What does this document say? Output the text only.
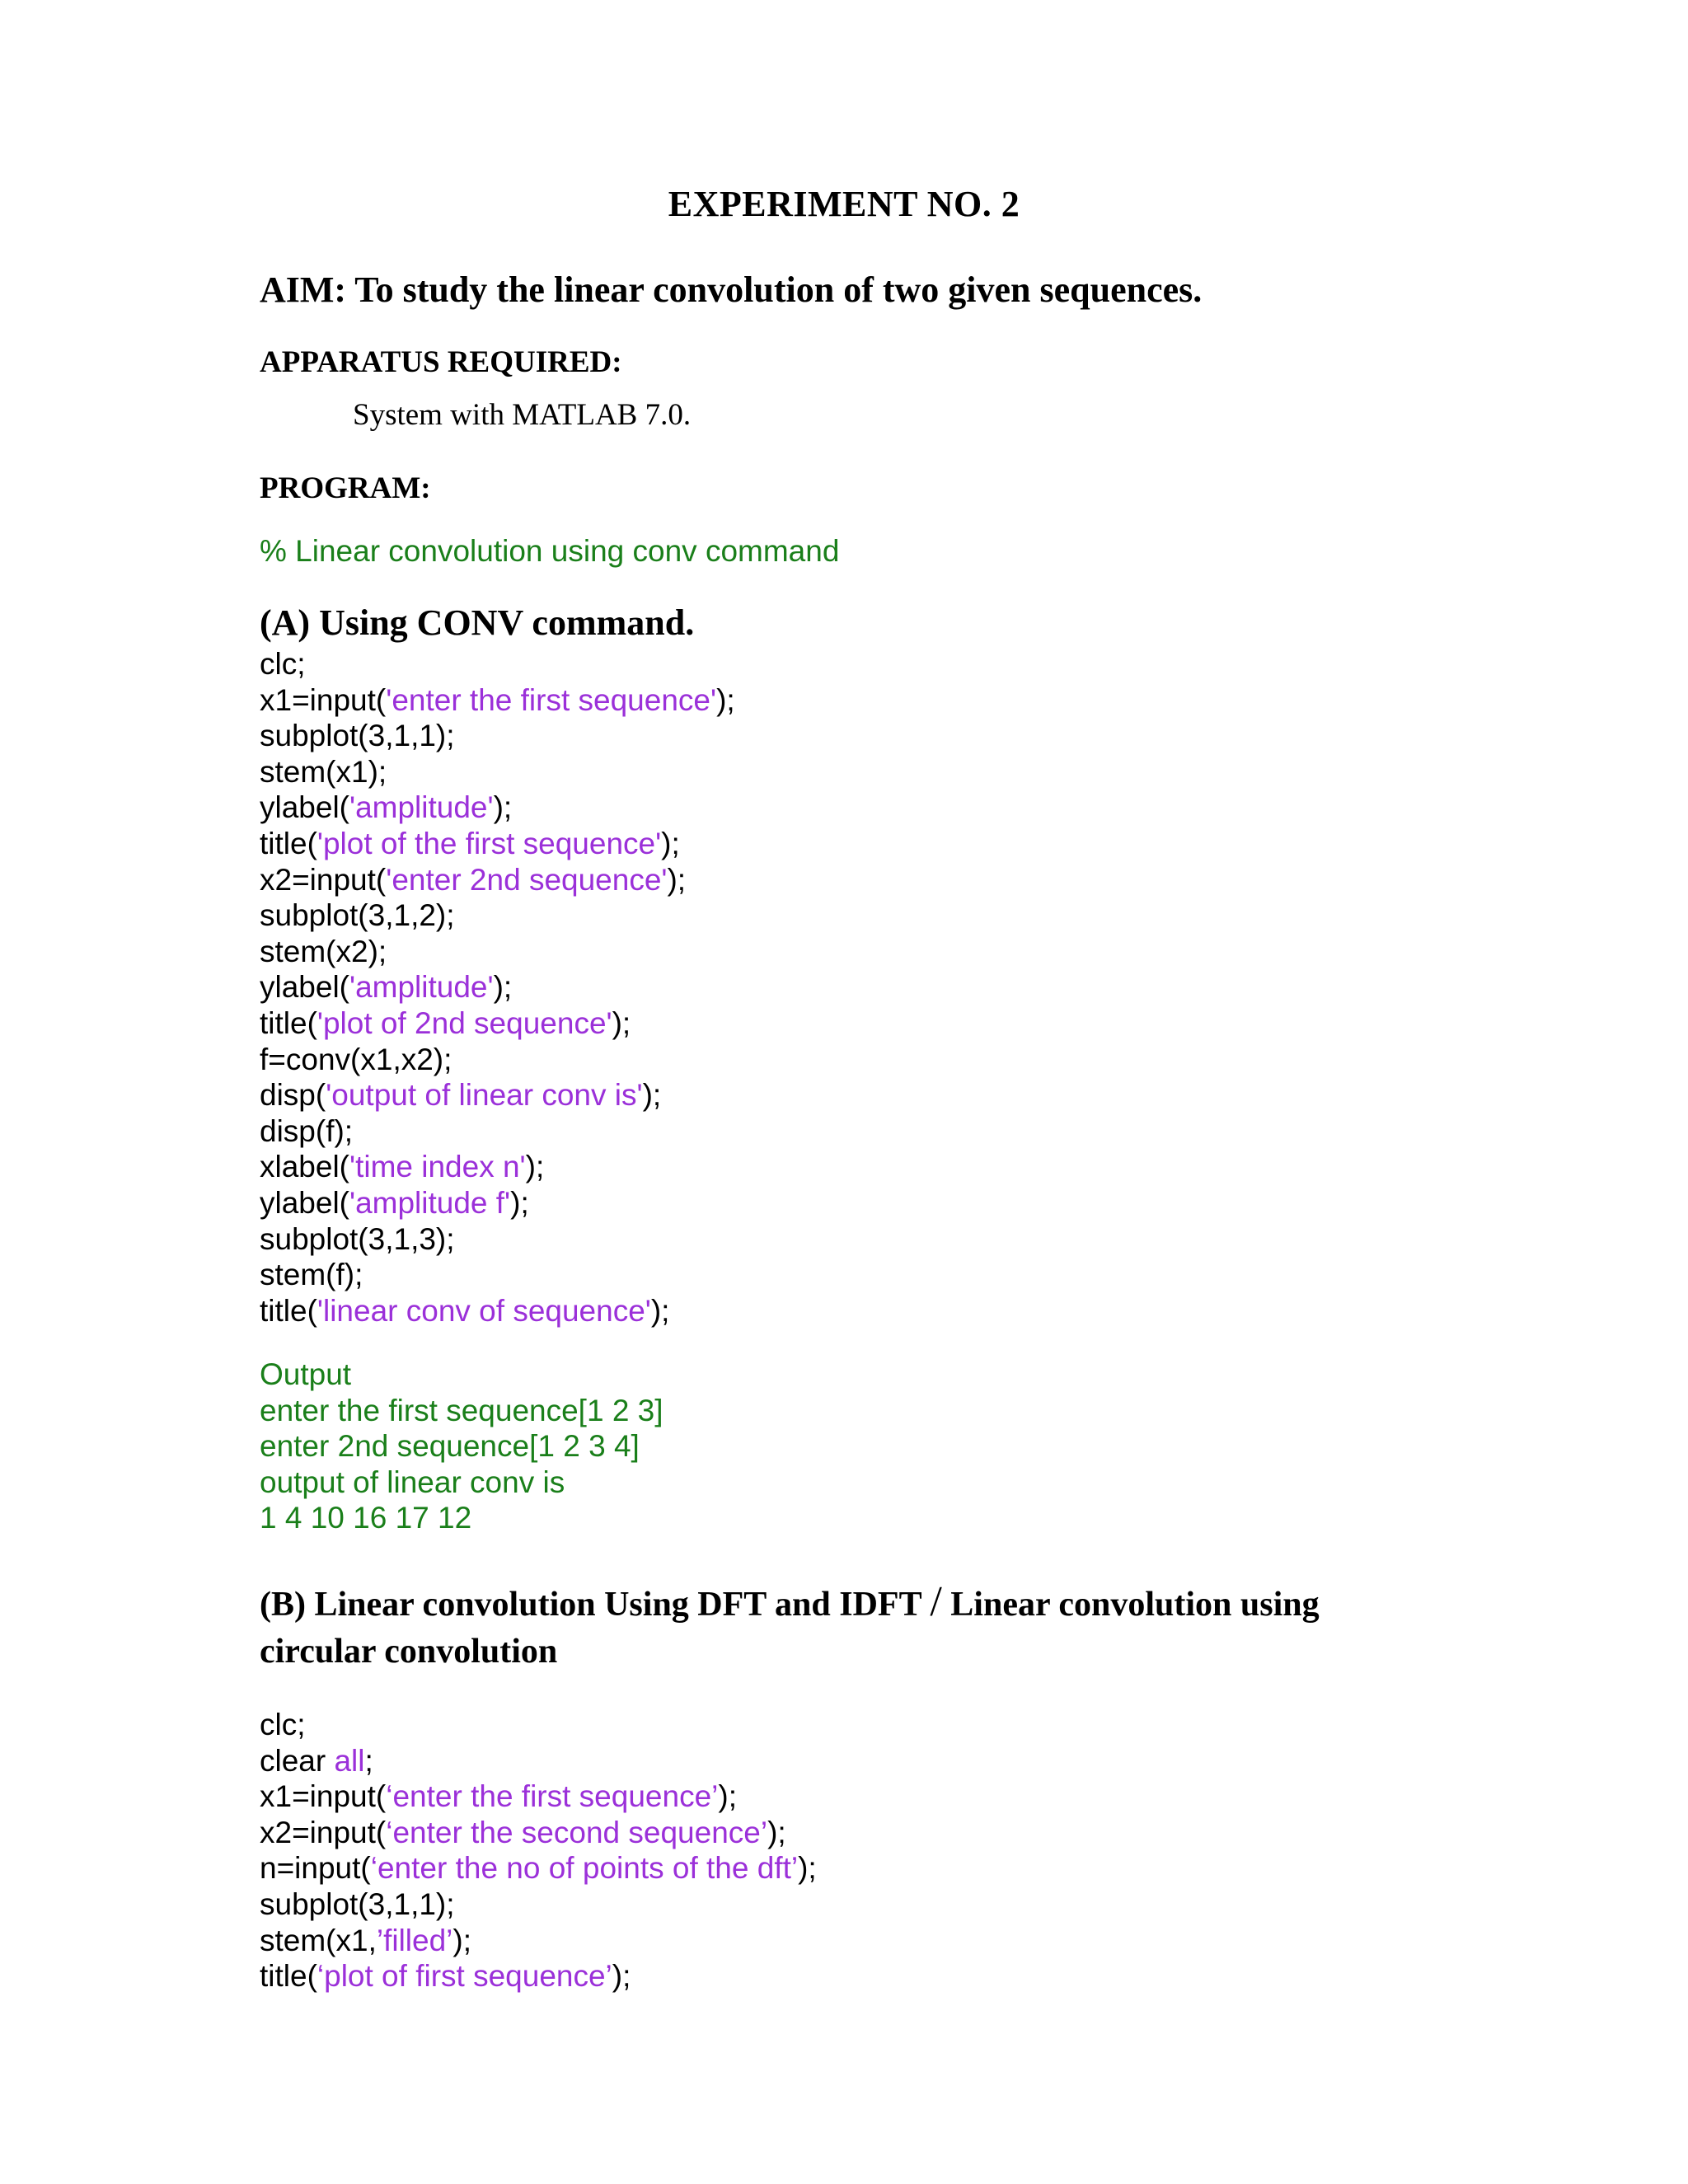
EXPERIMENT NO. 2
AIM: To study the linear convolution of two given sequences.
APPARATUS REQUIRED:
System with MATLAB 7.0.
PROGRAM:
% Linear convolution using conv command
(A) Using CONV command.
clc;
x1=input('enter the first sequence');
subplot(3,1,1);
stem(x1);
ylabel('amplitude');
title('plot of the first sequence');
x2=input('enter 2nd sequence');
subplot(3,1,2);
stem(x2);
ylabel('amplitude');
title('plot of 2nd sequence');
f=conv(x1,x2);
disp('output of linear conv is');
disp(f);
xlabel('time index n');
ylabel('amplitude f');
subplot(3,1,3);
stem(f);
title('linear conv of sequence');
Output
enter the first sequence[1 2 3]
enter 2nd sequence[1 2 3 4]
output of linear conv is
1 4 10 16 17 12
(B) Linear convolution Using DFT and IDFT / Linear convolution using
circular convolution
clc;
clear all;
x1=input(‘enter the first sequence’);
x2=input(‘enter the second sequence’);
n=input(‘enter the no of points of the dft’);
subplot(3,1,1);
stem(x1,’filled’);
title(‘plot of first sequence’);
